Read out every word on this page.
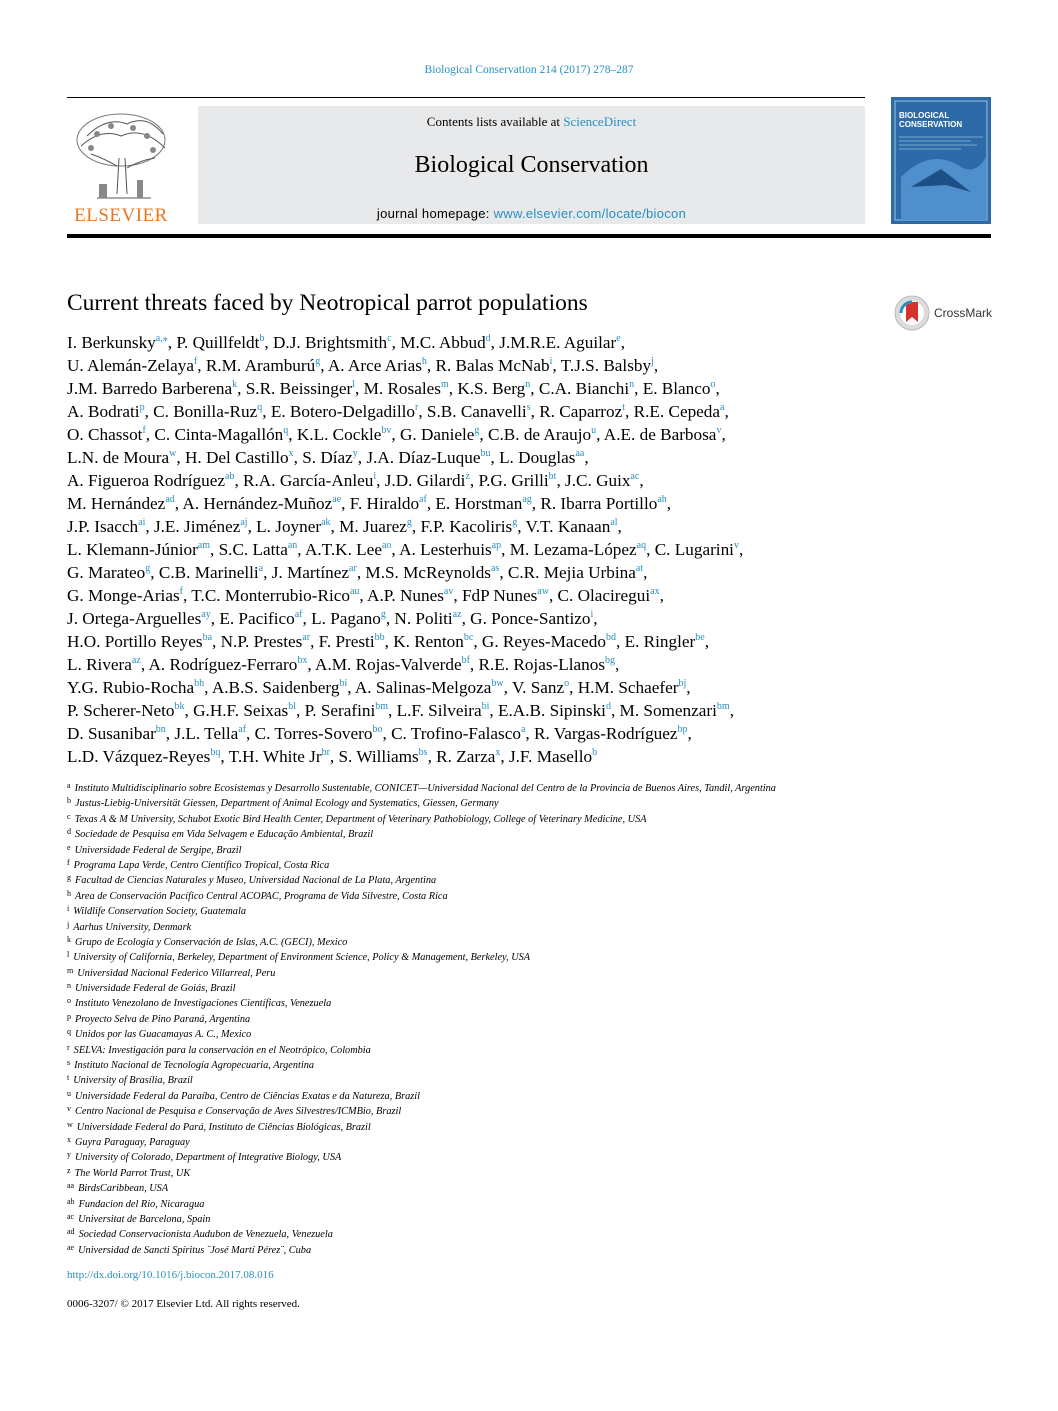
Biological Conservation 214 (2017) 278–287
ELSEVIER
Contents lists available at ScienceDirect
Biological Conservation
journal homepage: www.elsevier.com/locate/biocon
BIOLOGICAL CONSERVATION
Current threats faced by Neotropical parrot populations	CrossMark
I. Berkunsky$^{a,⁎}$, P. Quillfeldt$^b$, D.J. Brightsmith$^c$, M.C. Abbud$^d$, J.M.R.E. Aguilar$^e$,
U. Alemán-Zelaya$^f$, R.M. Aramburú$^g$, A. Arce Arias$^h$, R. Balas McNab$^i$, T.J.S. Balsby$^j$,
J.M. Barredo Barberena$^k$, S.R. Beissinger$^l$, M. Rosales$^m$, K.S. Berg$^n$, C.A. Bianchi$^n$, E. Blanco$^o$,
A. Bodrati$^p$, C. Bonilla-Ruz$^q$, E. Botero-Delgadillo$^r$, S.B. Canavelli$^s$, R. Caparroz$^t$, R.E. Cepeda$^a$,
O. Chassot$^f$, C. Cinta-Magallón$^q$, K.L. Cockle$^{bv}$, G. Daniele$^g$, C.B. de Araujo$^u$, A.E. de Barbosa$^v$,
L.N. de Moura$^w$, H. Del Castillo$^x$, S. Díaz$^y$, J.A. Díaz-Luque$^{bu}$, L. Douglas$^{aa}$,
A. Figueroa Rodríguez$^{ab}$, R.A. García-Anleu$^i$, J.D. Gilardi$^z$, P.G. Grilli$^{bt}$, J.C. Guix$^{ac}$,
M. Hernández$^{ad}$, A. Hernández-Muñoz$^{ae}$, F. Hiraldo$^{af}$, E. Horstman$^{ag}$, R. Ibarra Portillo$^{ah}$,
J.P. Isacch$^{ai}$, J.E. Jiménez$^{aj}$, L. Joyner$^{ak}$, M. Juarez$^g$, F.P. Kacoliris$^g$, V.T. Kanaan$^{al}$,
L. Klemann-Júnior$^{am}$, S.C. Latta$^{an}$, A.T.K. Lee$^{ao}$, A. Lesterhuis$^{ap}$, M. Lezama-López$^{aq}$, C. Lugarini$^v$,
G. Marateo$^g$, C.B. Marinelli$^a$, J. Martínez$^{ar}$, M.S. McReynolds$^{as}$, C.R. Mejia Urbina$^{at}$,
G. Monge-Arias$^f$, T.C. Monterrubio-Rico$^{au}$, A.P. Nunes$^{av}$, FdP Nunes$^{aw}$, C. Olaciregui$^{ax}$,
J. Ortega-Arguelles$^{ay}$, E. Pacifico$^{af}$, L. Pagano$^g$, N. Politi$^{az}$, G. Ponce-Santizo$^i$,
H.O. Portillo Reyes$^{ba}$, N.P. Prestes$^{ar}$, F. Presti$^{bb}$, K. Renton$^{bc}$, G. Reyes-Macedo$^{bd}$, E. Ringler$^{be}$,
L. Rivera$^{az}$, A. Rodríguez-Ferraro$^{bx}$, A.M. Rojas-Valverde$^{bf}$, R.E. Rojas-Llanos$^{bg}$,
Y.G. Rubio-Rocha$^{bh}$, A.B.S. Saidenberg$^{bi}$, A. Salinas-Melgoza$^{bw}$, V. Sanz$^o$, H.M. Schaefer$^{bj}$,
P. Scherer-Neto$^{bk}$, G.H.F. Seixas$^{bl}$, P. Serafini$^{bm}$, L.F. Silveira$^{bi}$, E.A.B. Sipinski$^d$, M. Somenzari$^{bm}$,
D. Susanibar$^{bn}$, J.L. Tella$^{af}$, C. Torres-Sovero$^{bo}$, C. Trofino-Falasco$^a$, R. Vargas-Rodríguez$^{bp}$,
L.D. Vázquez-Reyes$^{bq}$, T.H. White $Jr^{br}$, S. Williams$^{bs}$, R. Zarza$^x$, J.F. Masello$^b$
$^a$ Instituto Multidisciplinario sobre Ecosistemas y Desarrollo Sustentable, CONICET—Universidad Nacional del Centro de la Provincia de Buenos Aires, Tandil, Argentina
$^b$ Justus-Liebig-Universität Giessen, Department of Animal Ecology and Systematics, Giessen, Germany
$^c$ Texas A & M University, Schubot Exotic Bird Health Center, Department of Veterinary Pathobiology, College of Veterinary Medicine, USA
$^d$ Sociedade de Pesquisa em Vida Selvagem e Educação Ambiental, Brazil
$^e$ Universidade Federal de Sergipe, Brazil
$^f$ Programa Lapa Verde, Centro Científico Tropical, Costa Rica
$^g$ Facultad de Ciencias Naturales y Museo, Universidad Nacional de La Plata, Argentina
$^h$ Area de Conservación Pacífico Central ACOPAC, Programa de Vida Silvestre, Costa Rica
$^i$ Wildlife Conservation Society, Guatemala
$^j$ Aarhus University, Denmark
$^k$ Grupo de Ecología y Conservación de Islas, A.C. (GECI), Mexico
$^l$ University of California, Berkeley, Department of Environment Science, Policy & Management, Berkeley, USA
$^m$ Universidad Nacional Federico Villarreal, Peru
$^n$ Universidade Federal de Goiás, Brazil
$^o$ Instituto Venezolano de Investigaciones Científicas, Venezuela
$^p$ Proyecto Selva de Pino Paraná, Argentina
$^q$ Unidos por las Guacamayas A. C., Mexico
$^r$ SELVA: Investigación para la conservación en el Neotrópico, Colombia
$^s$ Instituto Nacional de Tecnología Agropecuaria, Argentina
$^t$ University of Brasília, Brazil
$^u$ Universidade Federal da Paraíba, Centro de Ciências Exatas e da Natureza, Brazil
$^v$ Centro Nacional de Pesquisa e Conservação de Aves Silvestres/ICMBio, Brazil
$^w$ Universidade Federal do Pará, Instituto de Ciências Biológicas, Brazil
$^x$ Guyra Paraguay, Paraguay
$^y$ University of Colorado, Department of Integrative Biology, USA
$^z$ The World Parrot Trust, UK
$^{aa}$ BirdsCaribbean, USA
$^{ab}$ Fundacion del Rio, Nicaragua
$^{ac}$ Universitat de Barcelona, Spain
$^{ad}$ Sociedad Conservacionista Audubon de Venezuela, Venezuela
$^{ae}$ Universidad de Sancti Spíritus ¨José Martí Pérez¨, Cuba
http://dx.doi.org/10.1016/j.biocon.2017.08.016
0006-3207/ © 2017 Elsevier Ltd. All rights reserved.
